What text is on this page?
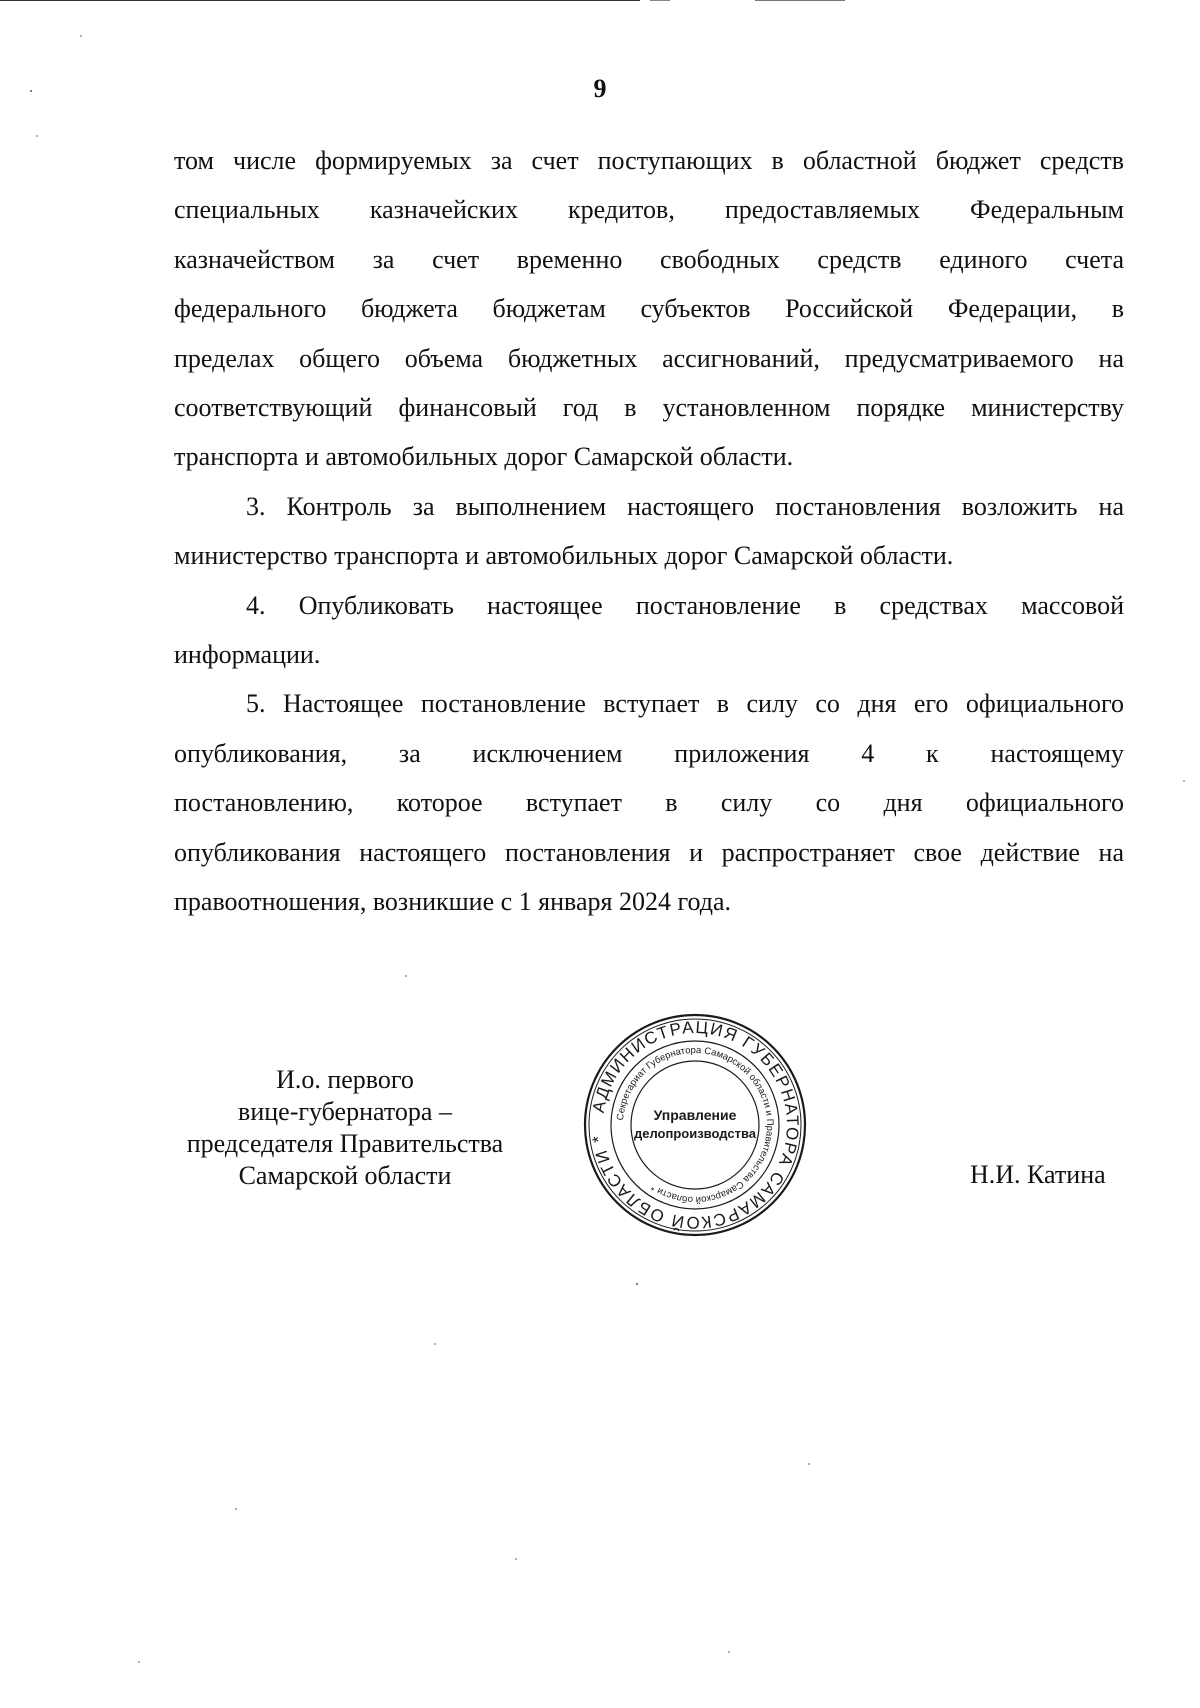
9

том числе формируемых за счет поступающих в областной бюджет средств

специальных казначейских кредитов, предоставляемых Федеральным

казначейством за счет временно свободных средств единого счета

федерального бюджета бюджетам субъектов Российской Федерации, в

пределах общего объема бюджетных ассигнований, предусматриваемого на

соответствующий финансовый год в установленном порядке министерству

транспорта и автомобильных дорог Самарской области.

3. Контроль за выполнением настоящего постановления возложить на

министерство транспорта и автомобильных дорог Самарской области.

4. Опубликовать настоящее постановление в средствах массовой

информации.

5. Настоящее постановление вступает в силу со дня его официального

опубликования, за исключением приложения 4 к настоящему

постановлению, которое вступает в силу со дня официального

опубликования настоящего постановления и распространяет свое действие на

правоотношения, возникшие с 1 января 2024 года.

И.о. первого
вице-губернатора –
председателя Правительства
Самарской области
АДМИНИСТРАЦИЯ ГУБЕРНАТОРА САМАРСКОЙ ОБЛАСТИ *
Секретариат Губернатора Самарской области и Правительства Самарской области *
Управление
делопроизводства
Н.И. Катина
